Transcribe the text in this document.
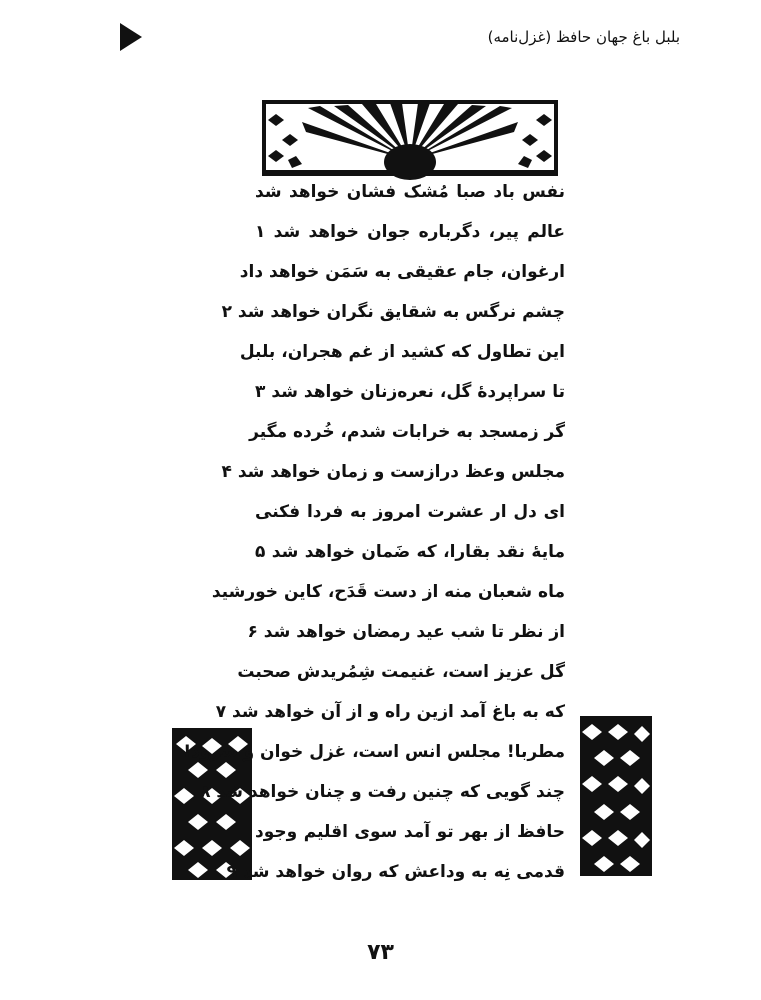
بلبل باغ جهان حافظ (غزل‌نامه)
نفس باد صبا مُشک فشان خواهد شد
عالم پیر، دگرباره جوان خواهد شد ۱
ارغوان، جام عقیقی به سَمَن خواهد داد
چشم نرگس به شقایق نگران خواهد شد ۲
این تطاول که کشید از غم هجران، بلبل
تا سراپردهٔ گل، نعره‌زنان خواهد شد ۳
گر زمسجد به خرابات شدم، خُرده مگیر
مجلس وعظ درازست و زمان خواهد شد ۴
ای دل ار عشرت امروز به فردا فکنی
مایهٔ نقد بقارا، که ضَمان خواهد شد ۵
ماه شعبان منه از دست قَدَح، کاین خورشید
از نظر تا شب عید رمضان خواهد شد ۶
گل عزیز است، غنیمت شِمُریدش صحبت
که به باغ آمد ازین راه و از آن خواهد شد ۷
مطربا! مجلس انس است، غزل خوان و سرود!
چند گویی که چنین رفت و چنان خواهد شد ۸
حافظ از بهر تو آمد سوی اقلیم وجود
قدمی نِه به وداعش که روان خواهد شد ۹
۷۳
